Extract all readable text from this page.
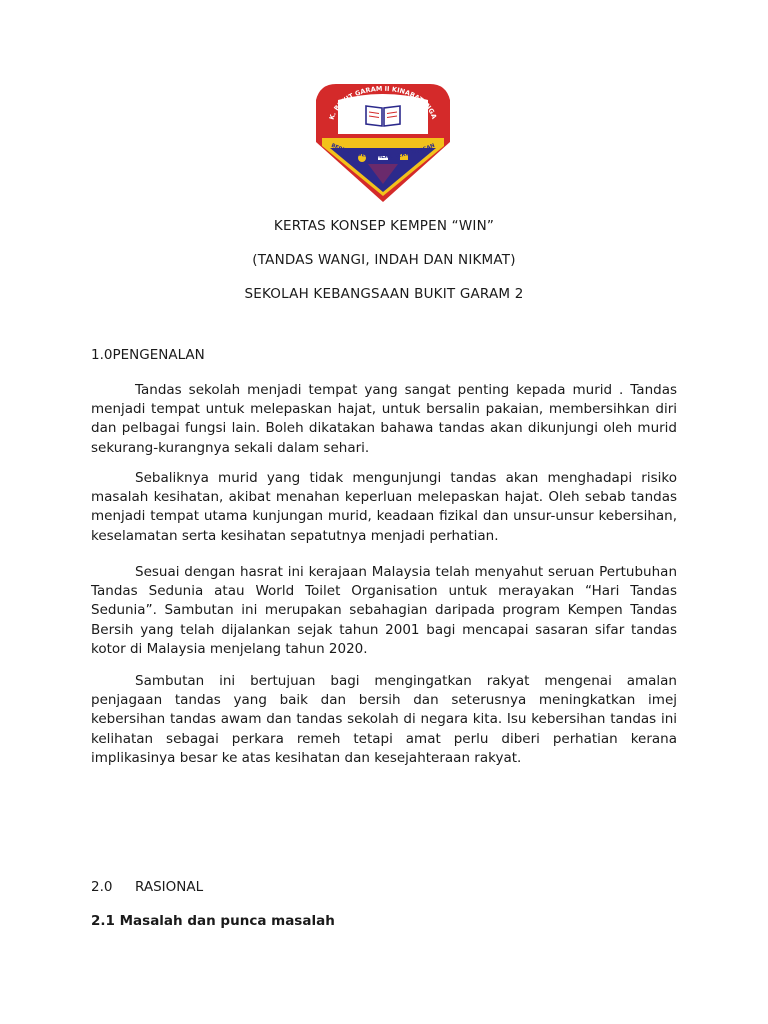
K. BUKIT GARAM II KINABATANGA
BERILMU BERAKHLAK BERWAWASAN
KERTAS KONSEP KEMPEN “WIN”
(TANDAS WANGI, INDAH DAN NIKMAT)
SEKOLAH KEBANGSAAN BUKIT GARAM 2
1.0PENGENALAN

Tandas sekolah menjadi tempat yang sangat penting kepada murid . Tandas menjadi tempat untuk melepaskan hajat, untuk bersalin pakaian, membersihkan diri dan pelbagai fungsi lain. Boleh dikatakan bahawa tandas akan dikunjungi oleh murid sekurang-kurangnya sekali dalam sehari.

Sebaliknya murid yang tidak mengunjungi tandas akan menghadapi risiko masalah kesihatan, akibat menahan keperluan melepaskan hajat. Oleh sebab tandas menjadi tempat utama kunjungan murid, keadaan fizikal dan unsur-unsur kebersihan, keselamatan serta kesihatan sepatutnya menjadi perhatian.

Sesuai dengan hasrat ini kerajaan Malaysia telah menyahut seruan Pertubuhan Tandas Sedunia atau World Toilet Organisation untuk merayakan “Hari Tandas Sedunia”. Sambutan ini merupakan sebahagian daripada program Kempen Tandas Bersih yang telah dijalankan sejak tahun 2001 bagi mencapai sasaran sifar tandas kotor di Malaysia menjelang tahun 2020.

Sambutan ini bertujuan bagi mengingatkan rakyat mengenai amalan penjagaan tandas yang baik dan bersih dan seterusnya meningkatkan imej kebersihan tandas awam dan tandas sekolah di negara kita. Isu kebersihan tandas ini kelihatan sebagai perkara remeh tetapi amat perlu diberi perhatian kerana implikasinya besar ke atas kesihatan dan kesejahteraan rakyat.

2.0 RASIONAL
2.1 Masalah dan punca masalah
